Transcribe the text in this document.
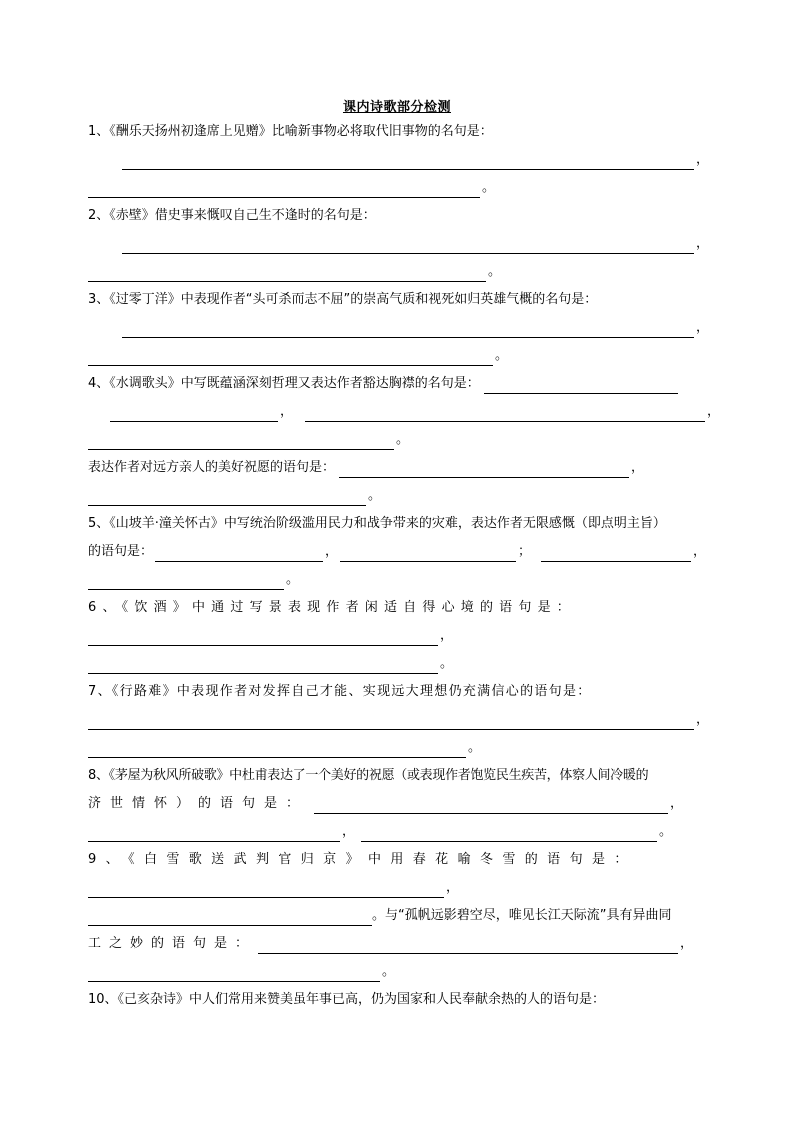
课内诗歌部分检测
1、《酬乐天扬州初逢席上见赠》比喻新事物必将取代旧事物的名句是：
，
。
2、《赤壁》借史事来慨叹自己生不逢时的名句是：
，
。
3、《过零丁洋》中表现作者“头可杀而志不屈”的崇高气质和视死如归英雄气概的名句是：
，
。
4、《水调歌头》中写既蕴涵深刻哲理又表达作者豁达胸襟的名句是：
，	，
。
表达作者对远方亲人的美好祝愿的语句是：	，
。
5、《山坡羊·潼关怀古》中写统治阶级滥用民力和战争带来的灾难，表达作者无限感慨（即点明主旨）
的语句是：	，	；	，
。
6、《饮酒》中通过写景表现作者闲适自得心境的语句是：
，
。
7、《行路难》中表现作者对发挥自己才能、实现远大理想仍充满信心的语句是：
，
。
8、《茅屋为秋风所破歌》中杜甫表达了一个美好的祝愿（或表现作者饱览民生疾苦，体察人间冷暖的
济世情怀）的语句是：	，
，	。
9、《白雪歌送武判官归京》中用春花喻冬雪的语句是：
，
。与“孤帆远影碧空尽，唯见长江天际流”具有异曲同
工之妙的语句是：	，
。
10、《己亥杂诗》中人们常用来赞美虽年事已高，仍为国家和人民奉献余热的人的语句是：
